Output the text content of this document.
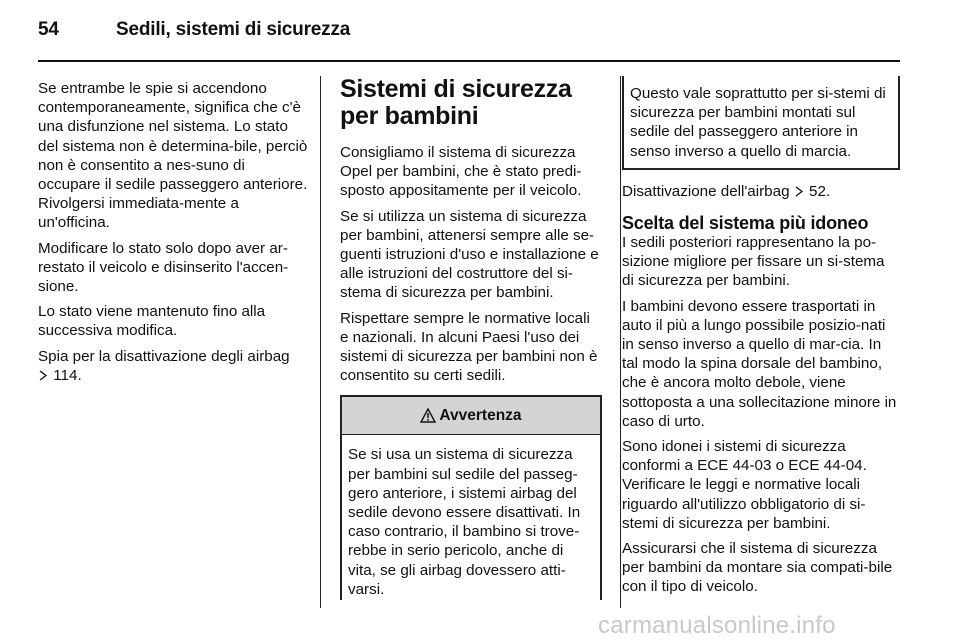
54	Sedili, sistemi di sicurezza

Se entrambe le spie si accendono contemporaneamente, significa che c'è una disfunzione nel sistema. Lo stato del sistema non è determina-bile, perciò non è consentito a nes-suno di occupare il sedile passeggero anteriore. Rivolgersi immediata-mente a un'officina.

Modificare lo stato solo dopo aver ar-restato il veicolo e disinserito l'accen-sione.

Lo stato viene mantenuto fino alla successiva modifica.

Spia per la disattivazione degli airbag
114.

Sistemi di sicurezza per bambini

Consigliamo il sistema di sicurezza Opel per bambini, che è stato predi-sposto appositamente per il veicolo.

Se si utilizza un sistema di sicurezza per bambini, attenersi sempre alle se-guenti istruzioni d'uso e installazione e alle istruzioni del costruttore del si-stema di sicurezza per bambini.

Rispettare sempre le normative locali e nazionali. In alcuni Paesi l'uso dei sistemi di sicurezza per bambini non è consentito su certi sedili.

Avvertenza
Se si usa un sistema di sicurezza per bambini sul sedile del passeg-gero anteriore, i sistemi airbag del sedile devono essere disattivati. In caso contrario, il bambino si trove-rebbe in serio pericolo, anche di vita, se gli airbag dovessero atti-varsi.
Questo vale soprattutto per si-stemi di sicurezza per bambini montati sul sedile del passeggero anteriore in senso inverso a quello di marcia.

Disattivazione dell'airbag 52.

Scelta del sistema più idoneo

I sedili posteriori rappresentano la po-sizione migliore per fissare un si-stema di sicurezza per bambini.

I bambini devono essere trasportati in auto il più a lungo possibile posizio-nati in senso inverso a quello di mar-cia. In tal modo la spina dorsale del bambino, che è ancora molto debole, viene sottoposta a una sollecitazione minore in caso di urto.

Sono idonei i sistemi di sicurezza conformi a ECE 44-03 o ECE 44-04. Verificare le leggi e normative locali riguardo all'utilizzo obbligatorio di si-stemi di sicurezza per bambini.

Assicurarsi che il sistema di sicurezza per bambini da montare sia compati-bile con il tipo di veicolo.

carmanualsonline.info
